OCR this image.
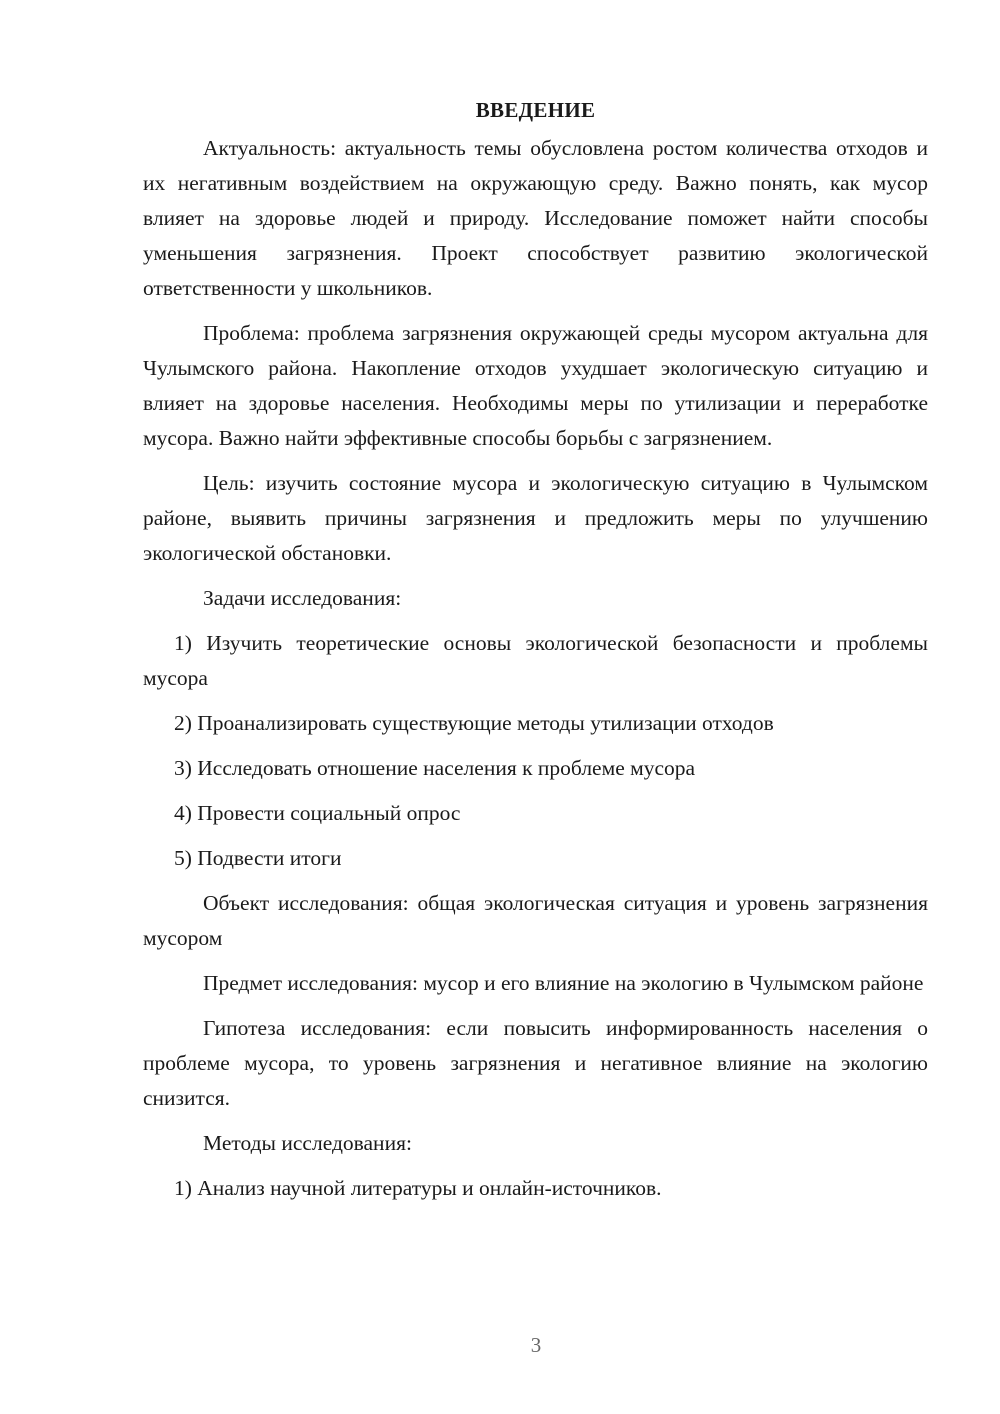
ВВЕДЕНИЕ

Актуальность: актуальность темы обусловлена ростом количества отходов и их негативным воздействием на окружающую среду. Важно понять, как мусор влияет на здоровье людей и природу. Исследование поможет найти способы уменьшения загрязнения. Проект способствует развитию экологической ответственности у школьников.

Проблема: проблема загрязнения окружающей среды мусором актуальна для Чулымского района. Накопление отходов ухудшает экологическую ситуацию и влияет на здоровье населения. Необходимы меры по утилизации и переработке мусора. Важно найти эффективные способы борьбы с загрязнением.

Цель: изучить состояние мусора и экологическую ситуацию в Чулымском районе, выявить причины загрязнения и предложить меры по улучшению экологической обстановки.

Задачи исследования:

1) Изучить теоретические основы экологической безопасности и проблемы мусора

2) Проанализировать существующие методы утилизации отходов

3) Исследовать отношение населения к проблеме мусора

4) Провести социальный опрос

5) Подвести итоги

Объект исследования: общая экологическая ситуация и уровень загрязнения мусором

Предмет исследования: мусор и его влияние на экологию в Чулымском районе

Гипотеза исследования: если повысить информированность населения о проблеме мусора, то уровень загрязнения и негативное влияние на экологию снизится.

Методы исследования:

1) Анализ научной литературы и онлайн-источников.

3
